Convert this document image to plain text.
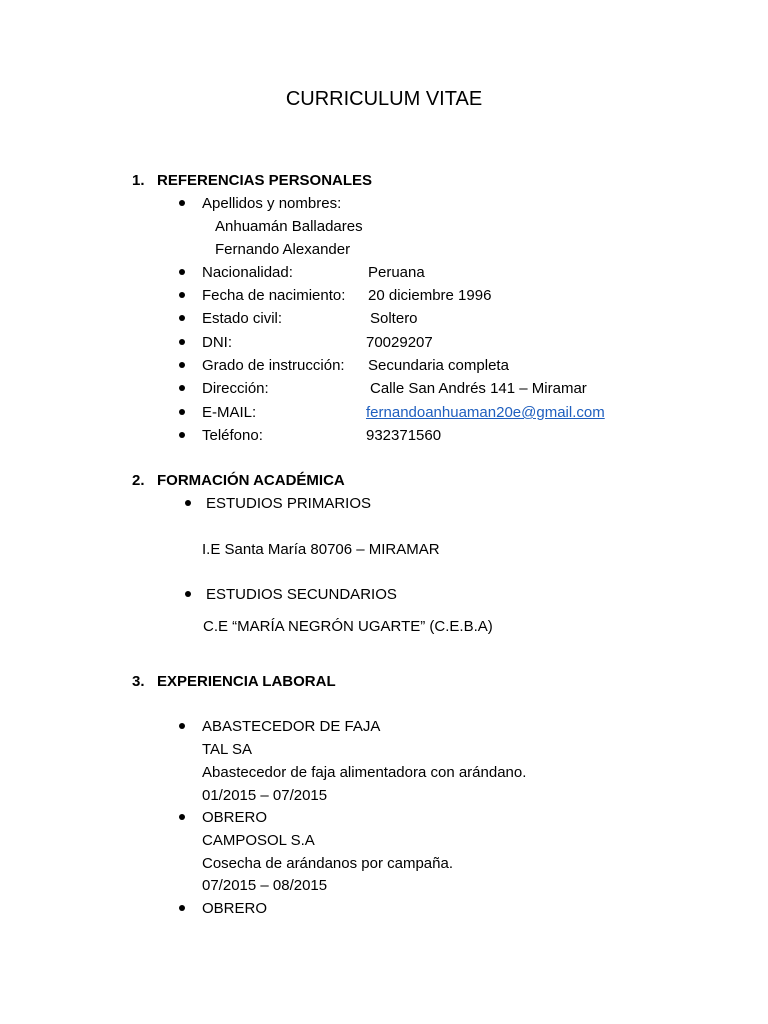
CURRICULUM VITAE
1. REFERENCIAS PERSONALES
Apellidos y nombres:
Anhuamán Balladares
Fernando Alexander
Nacionalidad:	Peruana
Fecha de nacimiento: 20 diciembre 1996
Estado civil:	Soltero
DNI:	70029207
Grado de instrucción: Secundaria completa
Dirección:	Calle San Andrés 141 – Miramar
E-MAIL:	fernandoanhuaman20e@gmail.com
Teléfono:	932371560
2. FORMACIÓN ACADÉMICA
ESTUDIOS PRIMARIOS
I.E Santa María 80706 – MIRAMAR
ESTUDIOS SECUNDARIOS
C.E “MARÍA NEGRÓN UGARTE” (C.E.B.A)
3. EXPERIENCIA LABORAL
ABASTECEDOR DE FAJA
TAL SA
Abastecedor de faja alimentadora con arándano.
01/2015 – 07/2015
OBRERO
CAMPOSOL S.A
Cosecha de arándanos por campaña.
07/2015 – 08/2015
OBRERO
